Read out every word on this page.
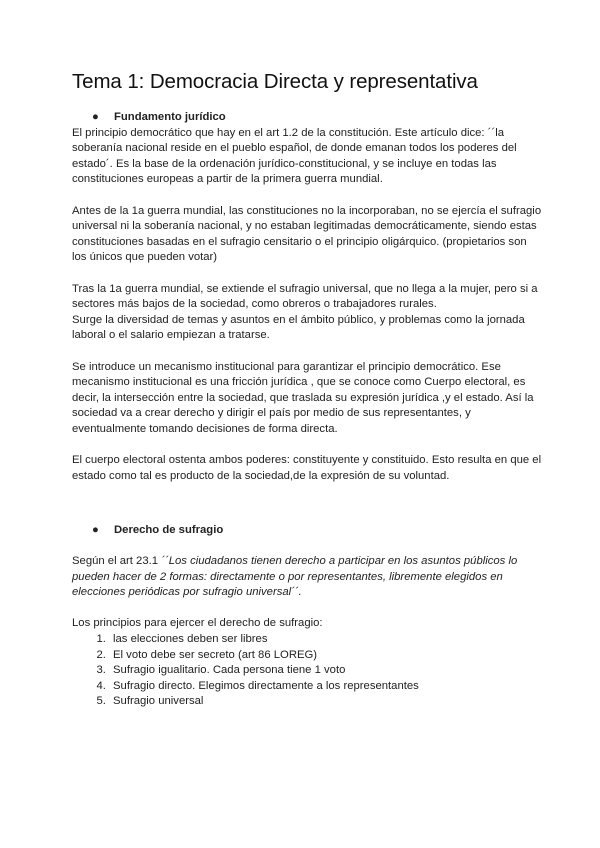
Tema 1: Democracia Directa y representativa
●	Fundamento jurídico

El principio democrático que hay en el art 1.2 de la constitución. Este artículo dice: ´´la soberanía nacional reside en el pueblo español, de donde emanan todos los poderes del estado´. Es la base de la ordenación jurídico-constitucional, y se incluye en todas las constituciones europeas a partir de la primera guerra mundial.

Antes de la 1a guerra mundial, las constituciones no la incorporaban, no se ejercía el sufragio universal ni la soberanía nacional, y no estaban legitimadas democráticamente, siendo estas constituciones basadas en el sufragio censitario o el principio oligárquico. (propietarios son los únicos que pueden votar)

Tras la 1a guerra mundial, se extiende el sufragio universal, que no llega a la mujer, pero si a sectores más bajos de la sociedad, como obreros o trabajadores rurales.

Surge la diversidad de temas y asuntos en el ámbito público, y problemas como la jornada laboral o el salario empiezan a tratarse.

Se introduce un mecanismo institucional para garantizar el principio democrático. Ese mecanismo institucional es una fricción jurídica , que se conoce como Cuerpo electoral, es decir, la intersección entre la sociedad, que traslada su expresión jurídica ,y el estado. Así la sociedad va a crear derecho y dirigir el país por medio de sus representantes, y eventualmente tomando decisiones de forma directa.

El cuerpo electoral ostenta ambos poderes: constituyente y constituido. Esto resulta en que el estado como tal es producto de la sociedad,de la expresión de su voluntad.

●	Derecho de sufragio

Según el art 23.1 ´´Los ciudadanos tienen derecho a participar en los asuntos públicos lo pueden hacer de 2 formas: directamente o por representantes, libremente elegidos en elecciones periódicas por sufragio universal´´.

Los principios para ejercer el derecho de sufragio:

1. las elecciones deben ser libres
2. El voto debe ser secreto (art 86 LOREG)
3. Sufragio igualitario. Cada persona tiene 1 voto
4. Sufragio directo. Elegimos directamente a los representantes
5. Sufragio universal
